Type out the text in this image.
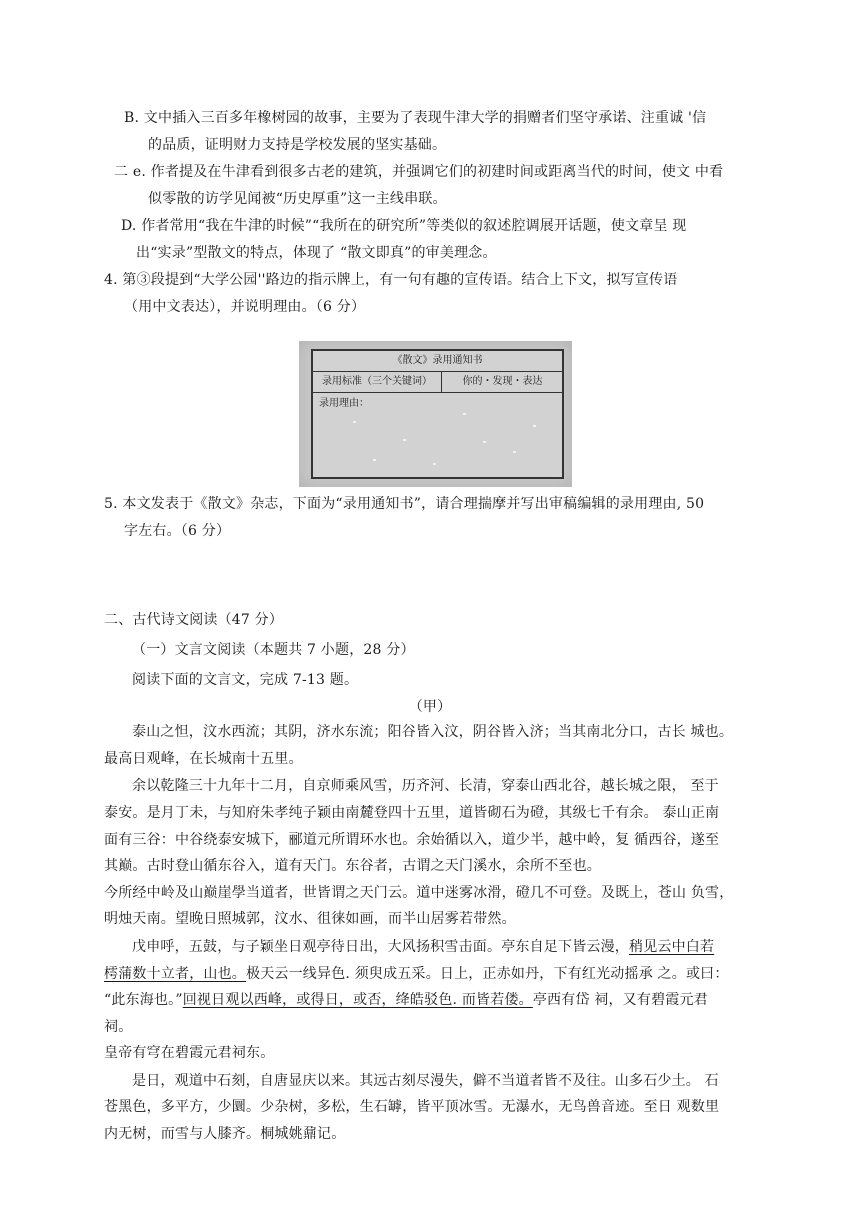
B. 文中插入三百多年橡树园的故事，主要为了表现牛津大学的捐赠者们坚守承诺、注重诚 '信
的品质，证明财力支持是学校发展的坚实基础。
二 e. 作者提及在牛津看到很多古老的建筑，并强调它们的初建时间或距离当代的时间，使文 中看
似零散的访学见闻被“历史厚重”这一主线串联。
D. 作者常用“我在牛津的时候”“我所在的研究所”等类似的叙述腔调展开话题，使文章呈 现
出“实录”型散文的特点，体现了 “散文即真”的审美理念。
4. 第③段提到“大学公园''路边的指示牌上，有一句有趣的宣传语。结合上下文，拟写宣传语
（用中文表达），并说明理由。（6 分）
《散文》录用通知书
录用标准（三个关键词）	你的・发现・表达
录用理由：
5. 本文发表于《散文》杂志，下面为“录用通知书”，请合理揣摩并写出审稿编辑的录用理由, 50
字左右。（6 分）
二、古代诗文阅读（47 分）
（一）文言文阅读（本题共 7 小题，28 分）
阅读下面的文言文，完成 7-13 题。
（甲）
泰山之怛，汶水西流；其阴，济水东流；阳谷皆入汶，阴谷皆入济；当其南北分口，古长 城也。
最高日观峰，在长城南十五里。
余以乾隆三十九年十二月，自京师乘风雪，历齐河、长清，穿泰山西北谷，越长城之限， 至于
泰安。是月丁未，与知府朱孝纯子颖由南麓登四十五里，道皆砌石为磴，其级七千有余。 泰山正南
面有三谷：中谷绕泰安城下，郦道元所谓环水也。余始循以入，道少半，越中岭，复 循西谷，遂至
其巅。古时登山循东谷入，道有天门。东谷者，古谓之天门溪水，余所不至也。
今所经中岭及山巅崖學当道者，世皆谓之天门云。道中迷雾冰滑，磴几不可登。及既上，苍山 负雪，
明烛天南。望晚日照城郭，汶水、徂徕如画，而半山居雾若带然。
戊申呼，五鼓，与子颖坐日观亭待日出，大风扬积雪击面。亭东自足下皆云漫，稍见云中白若
樗蒲数十立者，山也。极天云一线异色. 须臾成五采。日上，正赤如丹，下有红光动摇承 之。或曰：
“此东海也。”回视日观以西峰，或得日，或否，绛皓驳色. 而皆若偻。亭西有岱 祠，又有碧霞元君
祠。
皇帝有穹在碧霞元君祠东。
是日，观道中石刻，自唐显庆以来。其远古刻尽漫失，僻不当道者皆不及往。山多石少土。 石
苍黑色，多平方，少圜。少杂树，多松，生石罅，皆平顶冰雪。无瀑水，无鸟兽音迹。至日 观数里
内无树，而雪与人膝齐。桐城姚鼐记。
